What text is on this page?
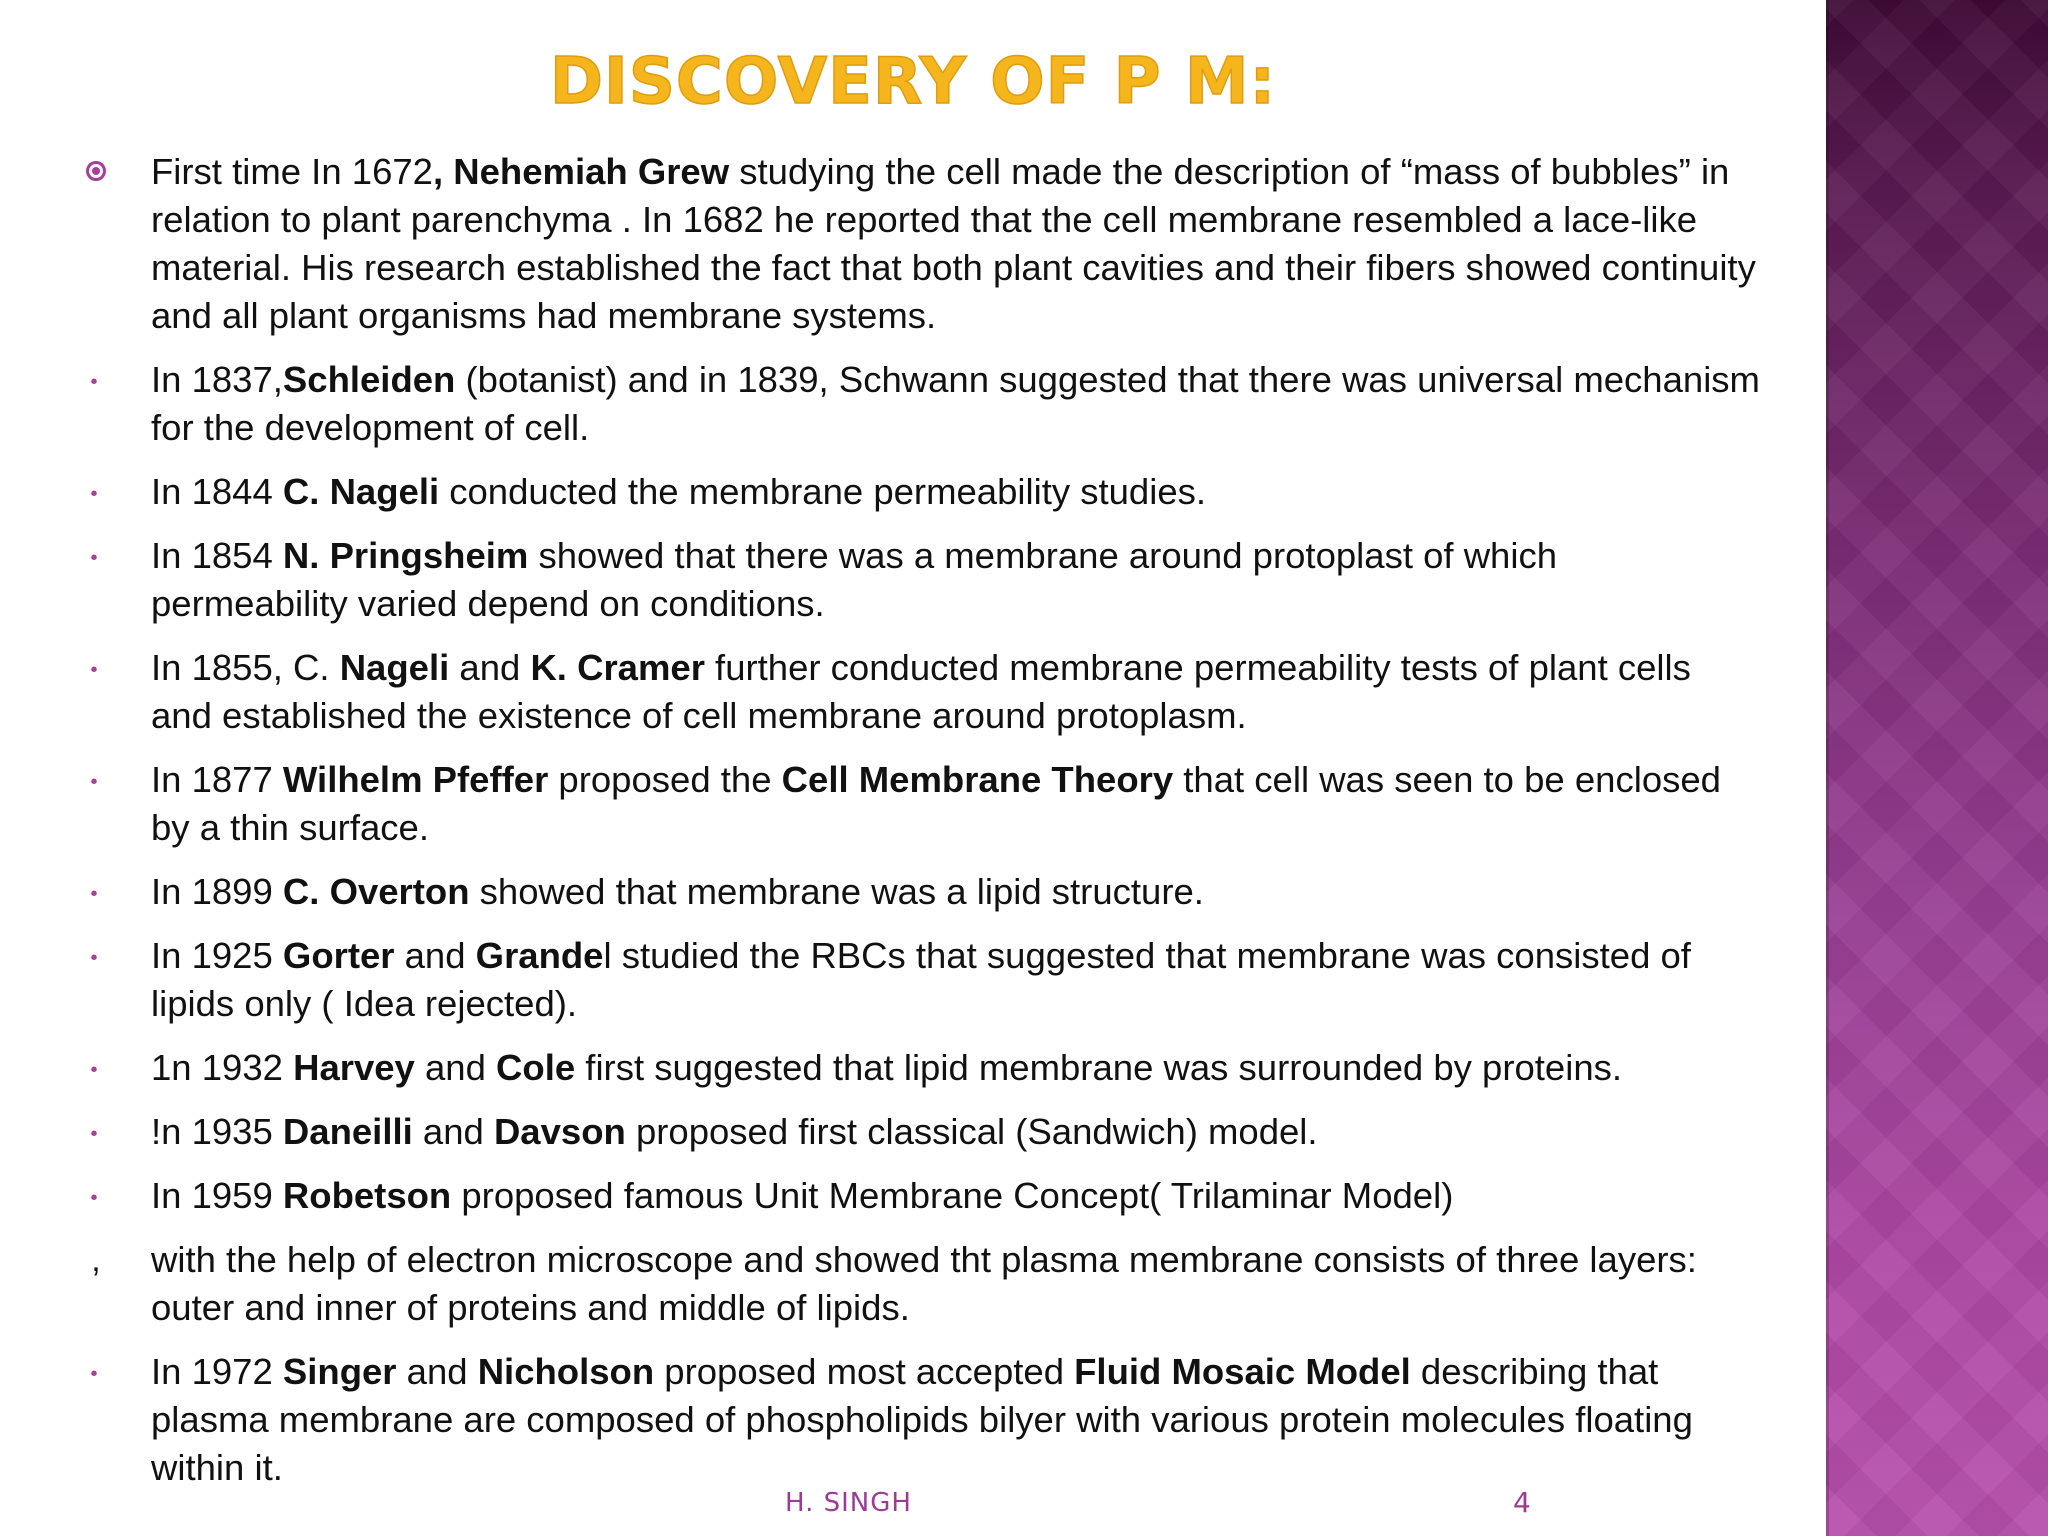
DISCOVERY OF P M:
First time In 1672, Nehemiah Grew studying the cell made the description of “mass of bubbles” in relation to plant parenchyma . In 1682 he reported that the cell membrane resembled a lace-like material. His research established the fact that both plant cavities and their fibers showed continuity and all plant organisms had membrane systems.
• In 1837,Schleiden (botanist) and in 1839, Schwann suggested that there was universal mechanism for the development of cell.
• In 1844 C. Nageli conducted the membrane permeability studies.
• In 1854 N. Pringsheim showed that there was a membrane around protoplast of which permeability varied depend on conditions.
• In 1855, C. Nageli and K. Cramer further conducted membrane permeability tests of plant cells and established the existence of cell membrane around protoplasm.
• In 1877 Wilhelm Pfeffer proposed the Cell Membrane Theory that cell was seen to be enclosed by a thin surface.
• In 1899 C. Overton showed that membrane was a lipid structure.
• In 1925 Gorter and Grandel studied the RBCs that suggested that membrane was consisted of lipids only ( Idea rejected).
• 1n 1932 Harvey and Cole first suggested that lipid membrane was surrounded by proteins.
• !n 1935 Daneilli and Davson proposed first classical (Sandwich) model.
• In 1959 Robetson proposed famous Unit Membrane Concept( Trilaminar Model)
, with the help of electron microscope and showed tht plasma membrane consists of three layers: outer and inner of proteins and middle of lipids.
• In 1972 Singer and Nicholson proposed most accepted Fluid Mosaic Model describing that plasma membrane are composed of phospholipids bilyer with various protein molecules floating within it.
H. SINGH	4
